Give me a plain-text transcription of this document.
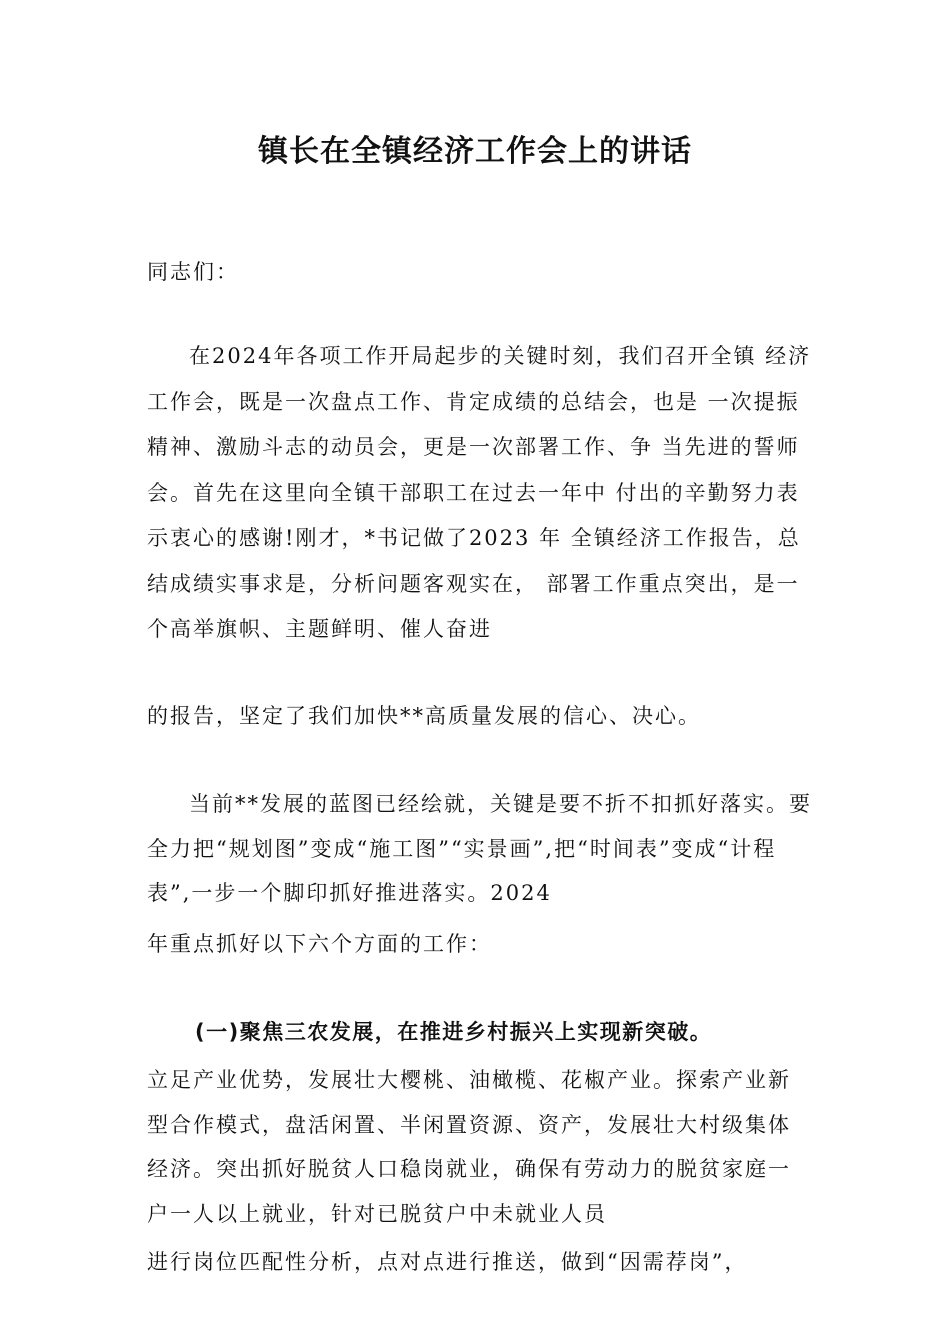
镇长在全镇经济工作会上的讲话

同志们：

在2024年各项工作开局起步的关键时刻，我们召开全镇 经济工作会，既是一次盘点工作、肯定成绩的总结会，也是 一次提振精神、激励斗志的动员会，更是一次部署工作、争 当先进的誓师会。首先在这里向全镇干部职工在过去一年中 付出的辛勤努力表示衷心的感谢!刚才，*书记做了2023 年 全镇经济工作报告，总结成绩实事求是，分析问题客观实在， 部署工作重点突出，是一个高举旗帜、主题鲜明、催人奋进

的报告，坚定了我们加快**高质量发展的信心、决心。

当前**发展的蓝图已经绘就，关键是要不折不扣抓好落实。要全力把“规划图”变成“施工图”“实景画”,把“时间表”变成“计程表”,一步一个脚印抓好推进落实。2024

年重点抓好以下六个方面的工作：

(一)聚焦三农发展，在推进乡村振兴上实现新突破。

立足产业优势，发展壮大樱桃、油橄榄、花椒产业。探索产业新型合作模式，盘活闲置、半闲置资源、资产，发展壮大村级集体经济。突出抓好脱贫人口稳岗就业，确保有劳动力的脱贫家庭一户一人以上就业，针对已脱贫户中未就业人员

进行岗位匹配性分析，点对点进行推送，做到“因需荐岗”，
